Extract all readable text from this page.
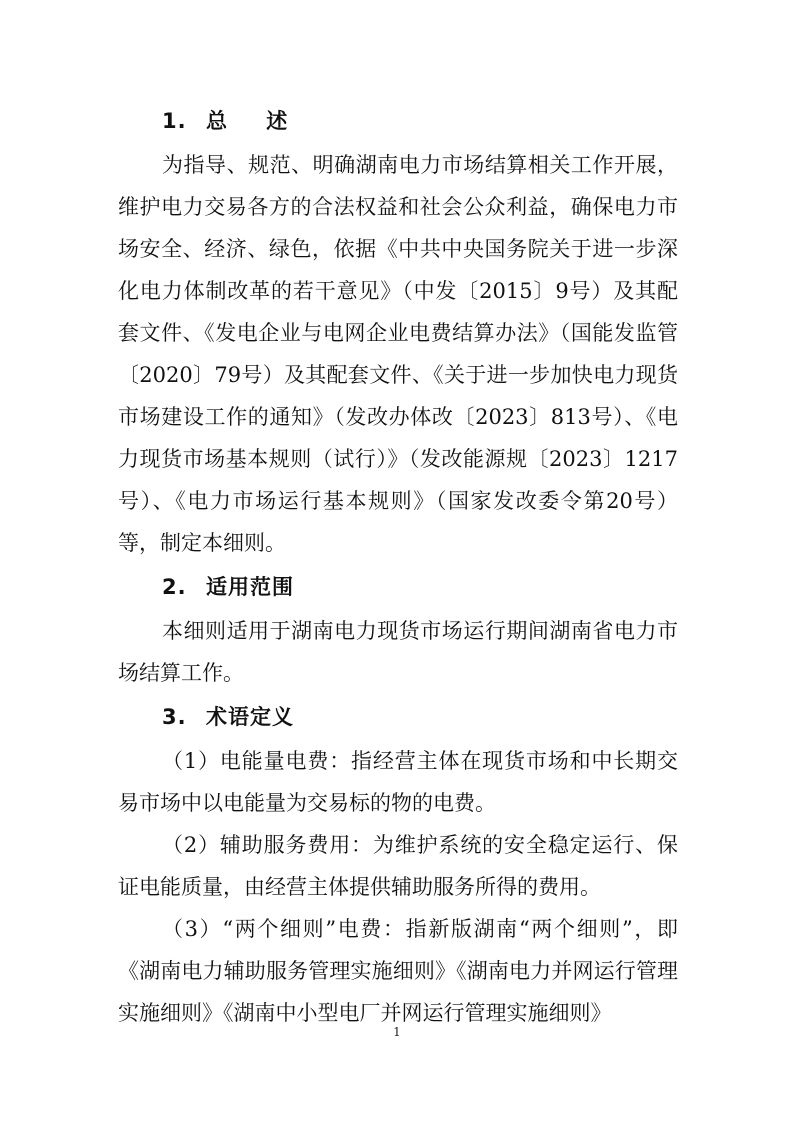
1. 总 述

为指导、规范、明确湖南电力市场结算相关工作开展，维护电力交易各方的合法权益和社会公众利益，确保电力市场安全、经济、绿色，依据《中共中央国务院关于进一步深化电力体制改革的若干意见》（中发〔2015〕9号）及其配套文件、《发电企业与电网企业电费结算办法》（国能发监管〔2020〕79号）及其配套文件、《关于进一步加快电力现货市场建设工作的通知》（发改办体改〔2023〕813号）、《电力现货市场基本规则（试行）》（发改能源规〔2023〕1217号）、《电力市场运行基本规则》（国家发改委令第20号）等，制定本细则。

2. 适用范围

本细则适用于湖南电力现货市场运行期间湖南省电力市场结算工作。

3. 术语定义

（1）电能量电费：指经营主体在现货市场和中长期交易市场中以电能量为交易标的物的电费。

（2）辅助服务费用：为维护系统的安全稳定运行、保证电能质量，由经营主体提供辅助服务所得的费用。

（3）“两个细则”电费：指新版湖南“两个细则”，即《湖南电力辅助服务管理实施细则》《湖南电力并网运行管理实施细则》《湖南中小型电厂并网运行管理实施细则》

1
